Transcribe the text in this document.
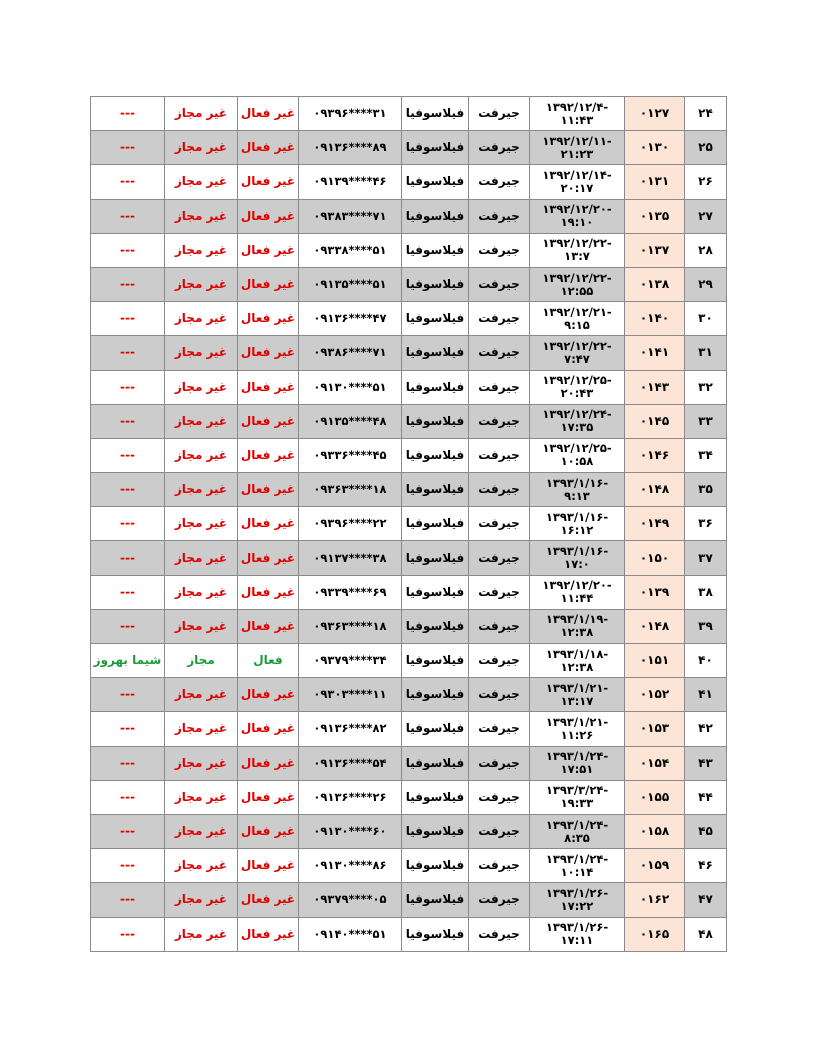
---	غیر مجاز	غیر فعال	۰۹۳۹۶****۳۱	فیلاسوفیا	جیرفت	۱۳۹۲/۱۲/۴-
۱۱:۴۳	۰۱۲۷	۲۴
---	غیر مجاز	غیر فعال	۰۹۱۳۶****۸۹	فیلاسوفیا	جیرفت	۱۳۹۲/۱۲/۱۱-
۲۱:۲۳	۰۱۳۰	۲۵
---	غیر مجاز	غیر فعال	۰۹۱۳۹****۴۶	فیلاسوفیا	جیرفت	۱۳۹۲/۱۲/۱۴-
۲۰:۱۷	۰۱۳۱	۲۶
---	غیر مجاز	غیر فعال	۰۹۳۸۳****۷۱	فیلاسوفیا	جیرفت	۱۳۹۲/۱۲/۲۰-
۱۹:۱۰	۰۱۳۵	۲۷
---	غیر مجاز	غیر فعال	۰۹۳۳۸****۵۱	فیلاسوفیا	جیرفت	۱۳۹۲/۱۲/۲۲-
۱۳:۷	۰۱۳۷	۲۸
---	غیر مجاز	غیر فعال	۰۹۱۳۵****۵۱	فیلاسوفیا	جیرفت	۱۳۹۲/۱۲/۲۲-
۱۲:۵۵	۰۱۳۸	۲۹
---	غیر مجاز	غیر فعال	۰۹۱۳۶****۴۷	فیلاسوفیا	جیرفت	۱۳۹۲/۱۲/۲۱-
۹:۱۵	۰۱۴۰	۳۰
---	غیر مجاز	غیر فعال	۰۹۳۸۶****۷۱	فیلاسوفیا	جیرفت	۱۳۹۲/۱۲/۲۲-
۷:۴۷	۰۱۴۱	۳۱
---	غیر مجاز	غیر فعال	۰۹۱۳۰****۵۱	فیلاسوفیا	جیرفت	۱۳۹۲/۱۲/۲۵-
۲۰:۴۳	۰۱۴۳	۳۲
---	غیر مجاز	غیر فعال	۰۹۱۳۵****۴۸	فیلاسوفیا	جیرفت	۱۳۹۲/۱۲/۲۴-
۱۷:۳۵	۰۱۴۵	۳۳
---	غیر مجاز	غیر فعال	۰۹۳۳۶****۴۵	فیلاسوفیا	جیرفت	۱۳۹۲/۱۲/۲۵-
۱۰:۵۸	۰۱۴۶	۳۴
---	غیر مجاز	غیر فعال	۰۹۳۶۳****۱۸	فیلاسوفیا	جیرفت	۱۳۹۳/۱/۱۶-
۹:۱۳	۰۱۴۸	۳۵
---	غیر مجاز	غیر فعال	۰۹۳۹۶****۲۲	فیلاسوفیا	جیرفت	۱۳۹۳/۱/۱۶-
۱۶:۱۲	۰۱۴۹	۳۶
---	غیر مجاز	غیر فعال	۰۹۱۳۷****۳۸	فیلاسوفیا	جیرفت	۱۳۹۳/۱/۱۶-
۱۷:۰	۰۱۵۰	۳۷
---	غیر مجاز	غیر فعال	۰۹۳۳۹****۶۹	فیلاسوفیا	جیرفت	۱۳۹۲/۱۲/۲۰-
۱۱:۴۴	۰۱۳۹	۳۸
---	غیر مجاز	غیر فعال	۰۹۳۶۳****۱۸	فیلاسوفیا	جیرفت	۱۳۹۳/۱/۱۹-
۱۲:۳۸	۰۱۴۸	۳۹
شیما بهروز	مجاز	فعال	۰۹۳۷۹****۳۴	فیلاسوفیا	جیرفت	۱۳۹۳/۱/۱۸-
۱۲:۳۸	۰۱۵۱	۴۰
---	غیر مجاز	غیر فعال	۰۹۳۰۳****۱۱	فیلاسوفیا	جیرفت	۱۳۹۳/۱/۲۱-
۱۳:۱۷	۰۱۵۲	۴۱
---	غیر مجاز	غیر فعال	۰۹۱۳۶****۸۲	فیلاسوفیا	جیرفت	۱۳۹۳/۱/۲۱-
۱۱:۲۶	۰۱۵۳	۴۲
---	غیر مجاز	غیر فعال	۰۹۱۳۶****۵۴	فیلاسوفیا	جیرفت	۱۳۹۳/۱/۲۴-
۱۷:۵۱	۰۱۵۴	۴۳
---	غیر مجاز	غیر فعال	۰۹۱۳۶****۲۶	فیلاسوفیا	جیرفت	۱۳۹۳/۳/۲۴-
۱۹:۳۳	۰۱۵۵	۴۴
---	غیر مجاز	غیر فعال	۰۹۱۳۰****۶۰	فیلاسوفیا	جیرفت	۱۳۹۳/۱/۲۴-
۸:۳۵	۰۱۵۸	۴۵
---	غیر مجاز	غیر فعال	۰۹۱۳۰****۸۶	فیلاسوفیا	جیرفت	۱۳۹۳/۱/۲۴-
۱۰:۱۴	۰۱۵۹	۴۶
---	غیر مجاز	غیر فعال	۰۹۳۷۹****۰۵	فیلاسوفیا	جیرفت	۱۳۹۳/۱/۲۶-
۱۷:۲۲	۰۱۶۲	۴۷
---	غیر مجاز	غیر فعال	۰۹۱۴۰****۵۱	فیلاسوفیا	جیرفت	۱۳۹۳/۱/۲۶-
۱۷:۱۱	۰۱۶۵	۴۸
